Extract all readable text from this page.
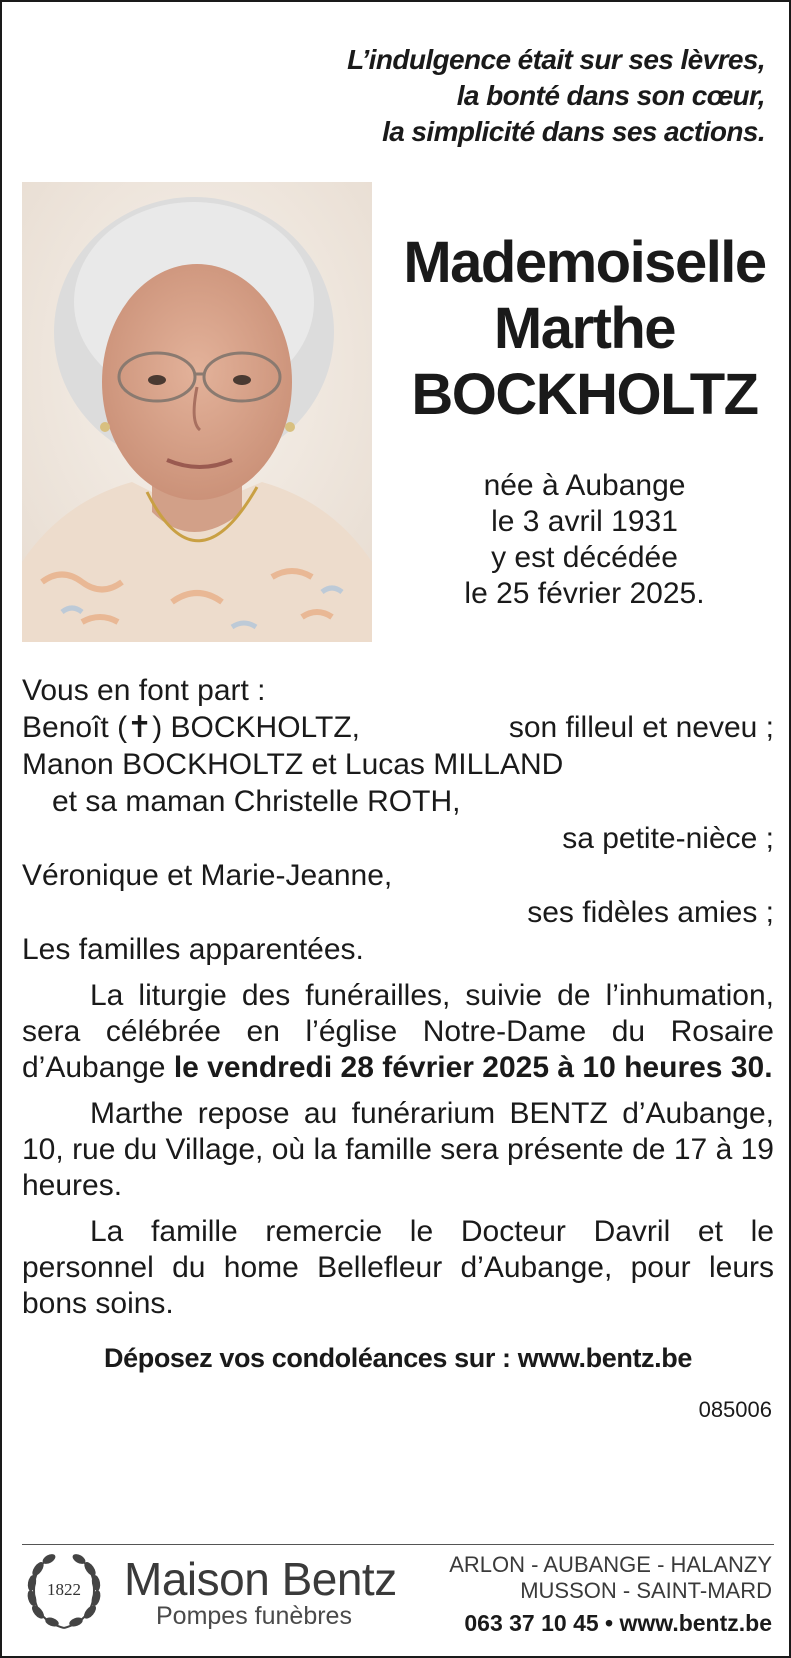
L’indulgence était sur ses lèvres,
la bonté dans son cœur,
la simplicité dans ses actions.
Mademoiselle
Marthe
BOCKHOLTZ
née à Aubange
le 3 avril 1931
y est décédée
le 25 février 2025.

Vous en font part :

Benoît (✝) BOCKHOLTZ,	son filleul et neveu ;

Manon BOCKHOLTZ et Lucas MILLAND

et sa maman Christelle ROTH,

sa petite-nièce ;

Véronique et Marie-Jeanne,

ses fidèles amies ;

Les familles apparentées.

La liturgie des funérailles, suivie de l’inhumation, sera célébrée en l’église Notre-Dame du Rosaire d’Aubange le vendredi 28 février 2025 à 10 heures 30.

Marthe repose au funérarium BENTZ d’Aubange, 10, rue du Village, où la famille sera présente de 17 à 19 heures.

La famille remercie le Docteur Davril et le personnel du home Bellefleur d’Aubange, pour leurs bons soins.

Déposez vos condoléances sur : www.bentz.be

085006

1822 Maison Bentz
Pompes funèbres
ARLON - AUBANGE - HALANZY
MUSSON - SAINT-MARD
063 37 10 45 • www.bentz.be
